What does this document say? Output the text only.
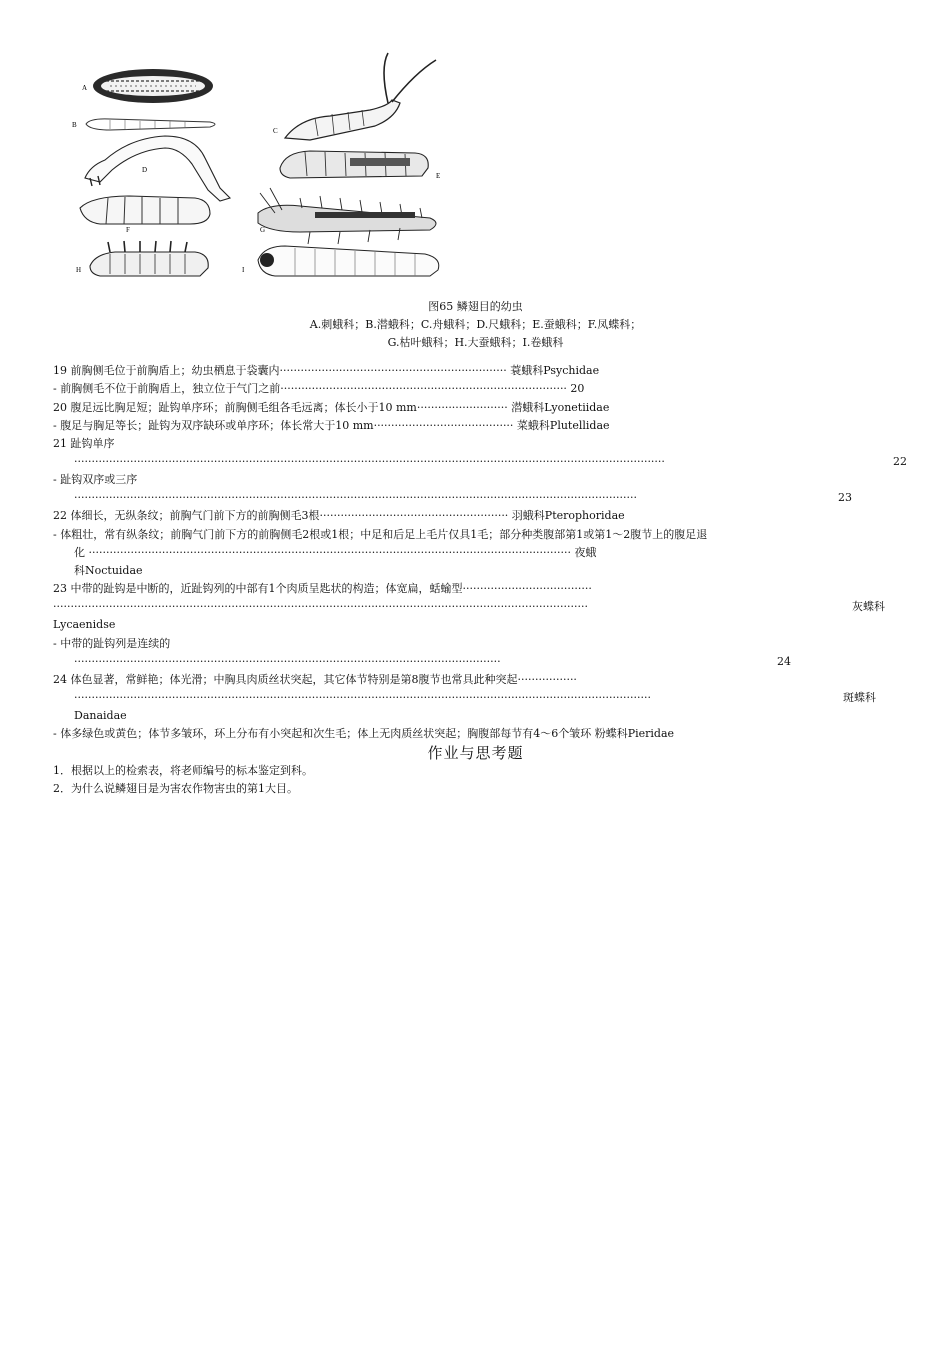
A
B
C
D
E
F	G
H	I
图65 鳞翅目的幼虫
A.刺蛾科；B.潜蛾科；C.舟蛾科；D.尺蛾科；E.蚕蛾科；F.凤蝶科；
G.枯叶蛾科；H.大蚕蛾科；I.卷蛾科
19 前胸侧毛位于前胸盾上；幼虫栖息于袋囊内································································· 蓑蛾科Psychidae
- 前胸侧毛不位于前胸盾上，独立位于气门之前·················································································· 20
20 腹足远比胸足短；趾钩单序环；前胸侧毛组各毛远离；体长小于10 mm·························· 潜蛾科Lyonetiidae
- 腹足与胸足等长；趾钩为双序缺环或单序环；体长常大于10 mm········································ 菜蛾科Plutellidae
21 趾钩单序
·········································································································································································	22
- 趾钩双序或三序
·································································································································································	23
22 体细长，无纵条纹；前胸气门前下方的前胸侧毛3根······················································ 羽蛾科Pterophoridae
- 体粗壮，常有纵条纹；前胸气门前下方的前胸侧毛2根或1根；中足和后足上毛片仅具1毛；部分种类腹部第1或第1～2腹节上的腹足退
化 ·········································································································································· 夜蛾
科Noctuidae
23 中带的趾钩是中断的，近趾钩列的中部有1个肉质呈匙状的构造；体宽扁，蛞蝓型·····································
·························································································································································	灰蝶科
Lycaenidse
- 中带的趾钩列是连续的
··························································································································	24
24 体色显著，常鲜艳；体光滑；中胸具肉质丝状突起，其它体节特别是第8腹节也常具此种突起·················
·····································································································································································	斑蝶科
Danaidae
- 体多绿色或黄色；体节多皱环，环上分布有小突起和次生毛；体上无肉质丝状突起；胸腹部每节有4～6个皱环 粉蝶科Pieridae
作业与思考题
1．根据以上的检索表，将老师编号的标本鉴定到科。
2．为什么说鳞翅目是为害农作物害虫的第1大目。
